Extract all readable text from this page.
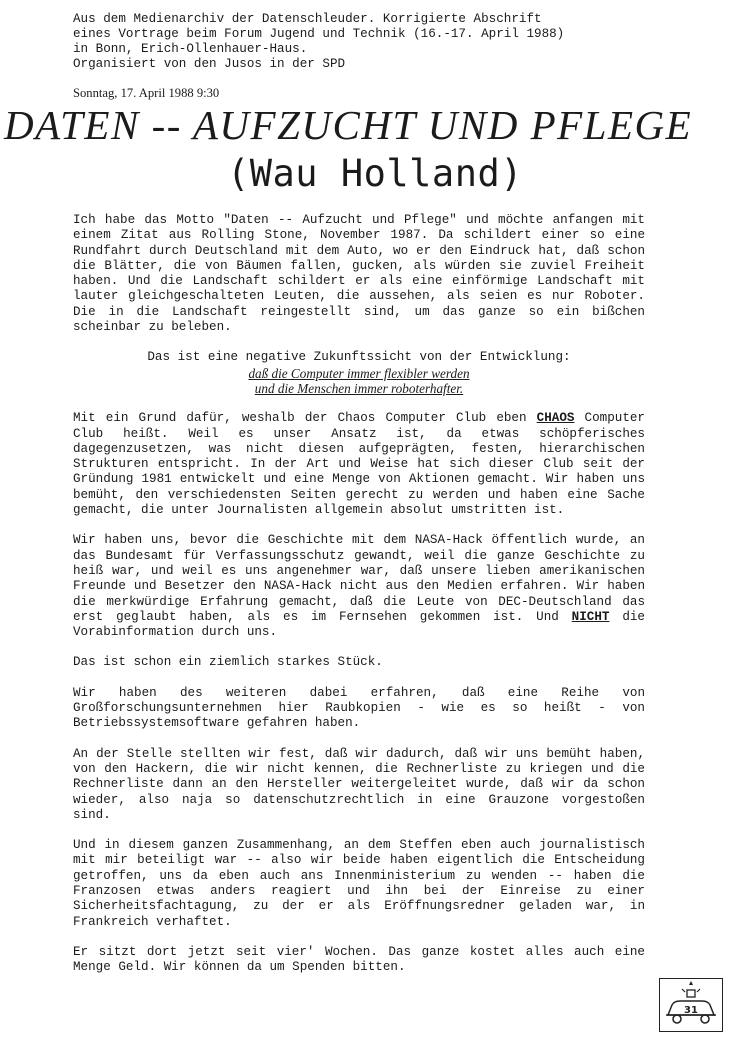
Aus dem Medienarchiv der Datenschleuder. Korrigierte Abschrift
eines Vortrage beim Forum Jugend und Technik (16.-17. April 1988)
in Bonn, Erich-Ollenhauer-Haus.
Organisiert von den Jusos in der SPD
Sonntag, 17. April 1988 9:30
DATEN -- AUFZUCHT UND PFLEGE
(Wau Holland)

Ich habe das Motto "Daten -- Aufzucht und Pflege" und möchte anfangen mit einem Zitat aus Rolling Stone, November 1987. Da schildert einer so eine Rundfahrt durch Deutschland mit dem Auto, wo er den Eindruck hat, daß schon die Blätter, die von Bäumen fallen, gucken, als würden sie zuviel Freiheit haben. Und die Landschaft schildert er als eine einförmige Landschaft mit lauter gleichgeschalteten Leuten, die aussehen, als seien es nur Roboter. Die in die Landschaft reingestellt sind, um das ganze so ein bißchen scheinbar zu beleben.

Das ist eine negative Zukunftssicht von der Entwicklung:
daß die Computer immer flexibler werden
und die Menschen immer roboterhafter.

Mit ein Grund dafür, weshalb der Chaos Computer Club eben CHAOS Computer Club heißt. Weil es unser Ansatz ist, da etwas schöpferisches dagegenzusetzen, was nicht diesen aufgeprägten, festen, hierarchischen Strukturen entspricht. In der Art und Weise hat sich dieser Club seit der Gründung 1981 entwickelt und eine Menge von Aktionen gemacht. Wir haben uns bemüht, den verschiedensten Seiten gerecht zu werden und haben eine Sache gemacht, die unter Journalisten allgemein absolut umstritten ist.

Wir haben uns, bevor die Geschichte mit dem NASA-Hack öffentlich wurde, an das Bundesamt für Verfassungsschutz gewandt, weil die ganze Geschichte zu heiß war, und weil es uns angenehmer war, daß unsere lieben amerikanischen Freunde und Besetzer den NASA-Hack nicht aus den Medien erfahren. Wir haben die merkwürdige Erfahrung gemacht, daß die Leute von DEC-Deutschland das erst geglaubt haben, als es im Fernsehen gekommen ist. Und NICHT die Vorabinformation durch uns.

Das ist schon ein ziemlich starkes Stück.

Wir haben des weiteren dabei erfahren, daß eine Reihe von Großforschungsunternehmen hier Raubkopien - wie es so heißt - von Betriebssystemsoftware gefahren haben.

An der Stelle stellten wir fest, daß wir dadurch, daß wir uns bemüht haben, von den Hackern, die wir nicht kennen, die Rechnerliste zu kriegen und die Rechnerliste dann an den Hersteller weitergeleitet wurde, daß wir da schon wieder, also naja so datenschutzrechtlich in eine Grauzone vorgestoßen sind.

Und in diesem ganzen Zusammenhang, an dem Steffen eben auch journalistisch mit mir beteiligt war -- also wir beide haben eigentlich die Entscheidung getroffen, uns da eben auch ans Innenministerium zu wenden -- haben die Franzosen etwas anders reagiert und ihn bei der Einreise zu einer Sicherheitsfachtagung, zu der er als Eröffnungsredner geladen war, in Frankreich verhaftet.

Er sitzt dort jetzt seit vier' Wochen. Das ganze kostet alles auch eine Menge Geld. Wir können da um Spenden bitten.

31
